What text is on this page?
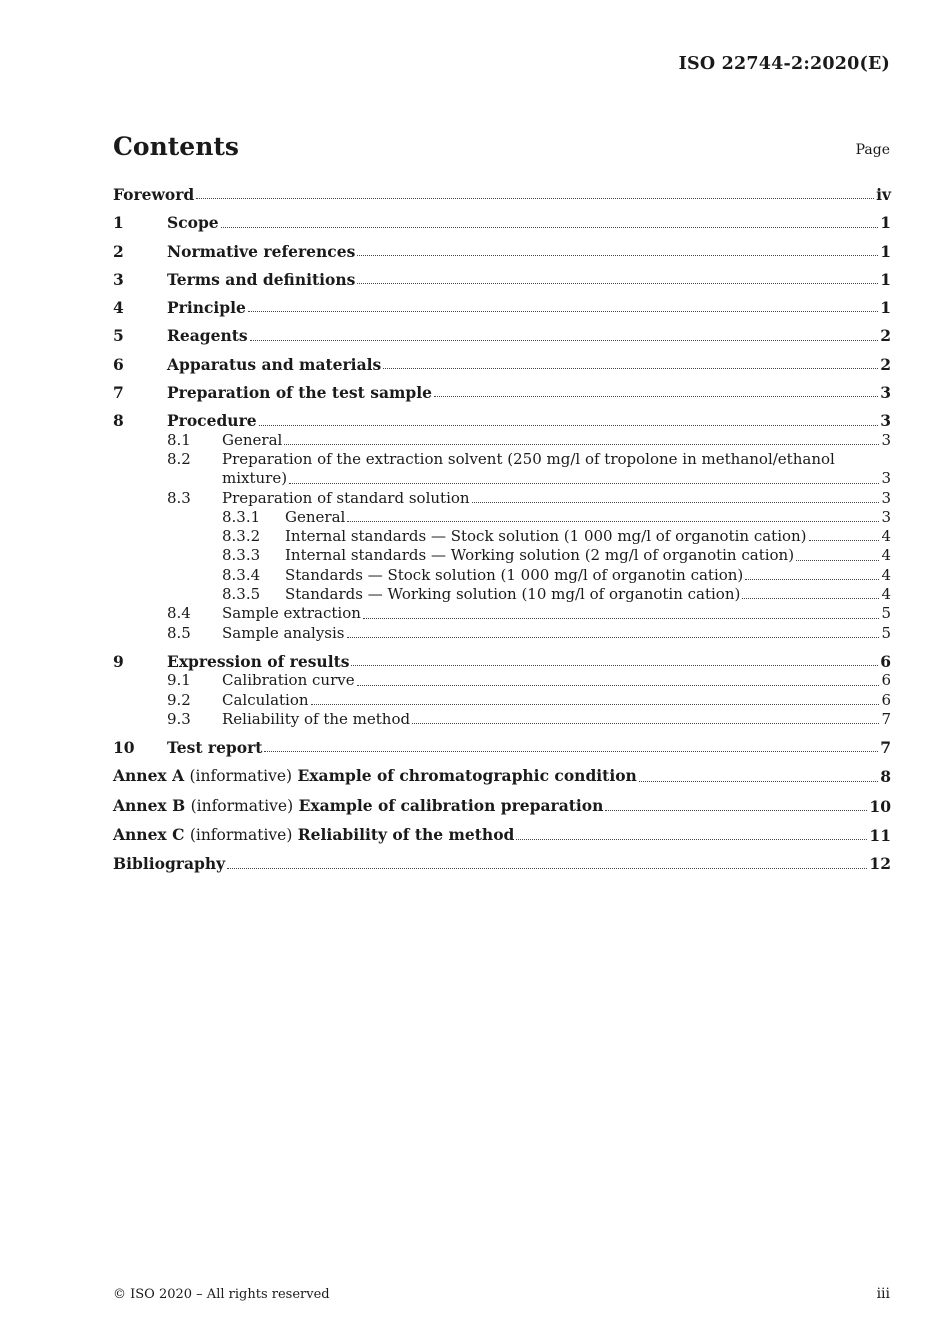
ISO 22744-2:2020(E)
Contents	Page
Foreword	iv
1	Scope	1
2	Normative references	1
3	Terms and definitions	1
4	Principle	1
5	Reagents	2
6	Apparatus and materials	2
7	Preparation of the test sample	3
8	Procedure	3
8.1	General	3
8.2	Preparation of the extraction solvent (250 mg/l of tropolone in methanol/ethanol
mixture)	3
8.3	Preparation of standard solution	3
8.3.1	General	3
8.3.2	Internal standards — Stock solution (1 000 mg/l of organotin cation)	4
8.3.3	Internal standards — Working solution (2 mg/l of organotin cation)	4
8.3.4	Standards — Stock solution (1 000 mg/l of organotin cation)	4
8.3.5	Standards — Working solution (10 mg/l of organotin cation)	4
8.4	Sample extraction	5
8.5	Sample analysis	5
9	Expression of results	6
9.1	Calibration curve	6
9.2	Calculation	6
9.3	Reliability of the method	7
10	Test report	7
Annex A (informative) Example of chromatographic condition	8
Annex B (informative) Example of calibration preparation	10
Annex C (informative) Reliability of the method	11
Bibliography	12
© ISO 2020 – All rights reserved	iii
